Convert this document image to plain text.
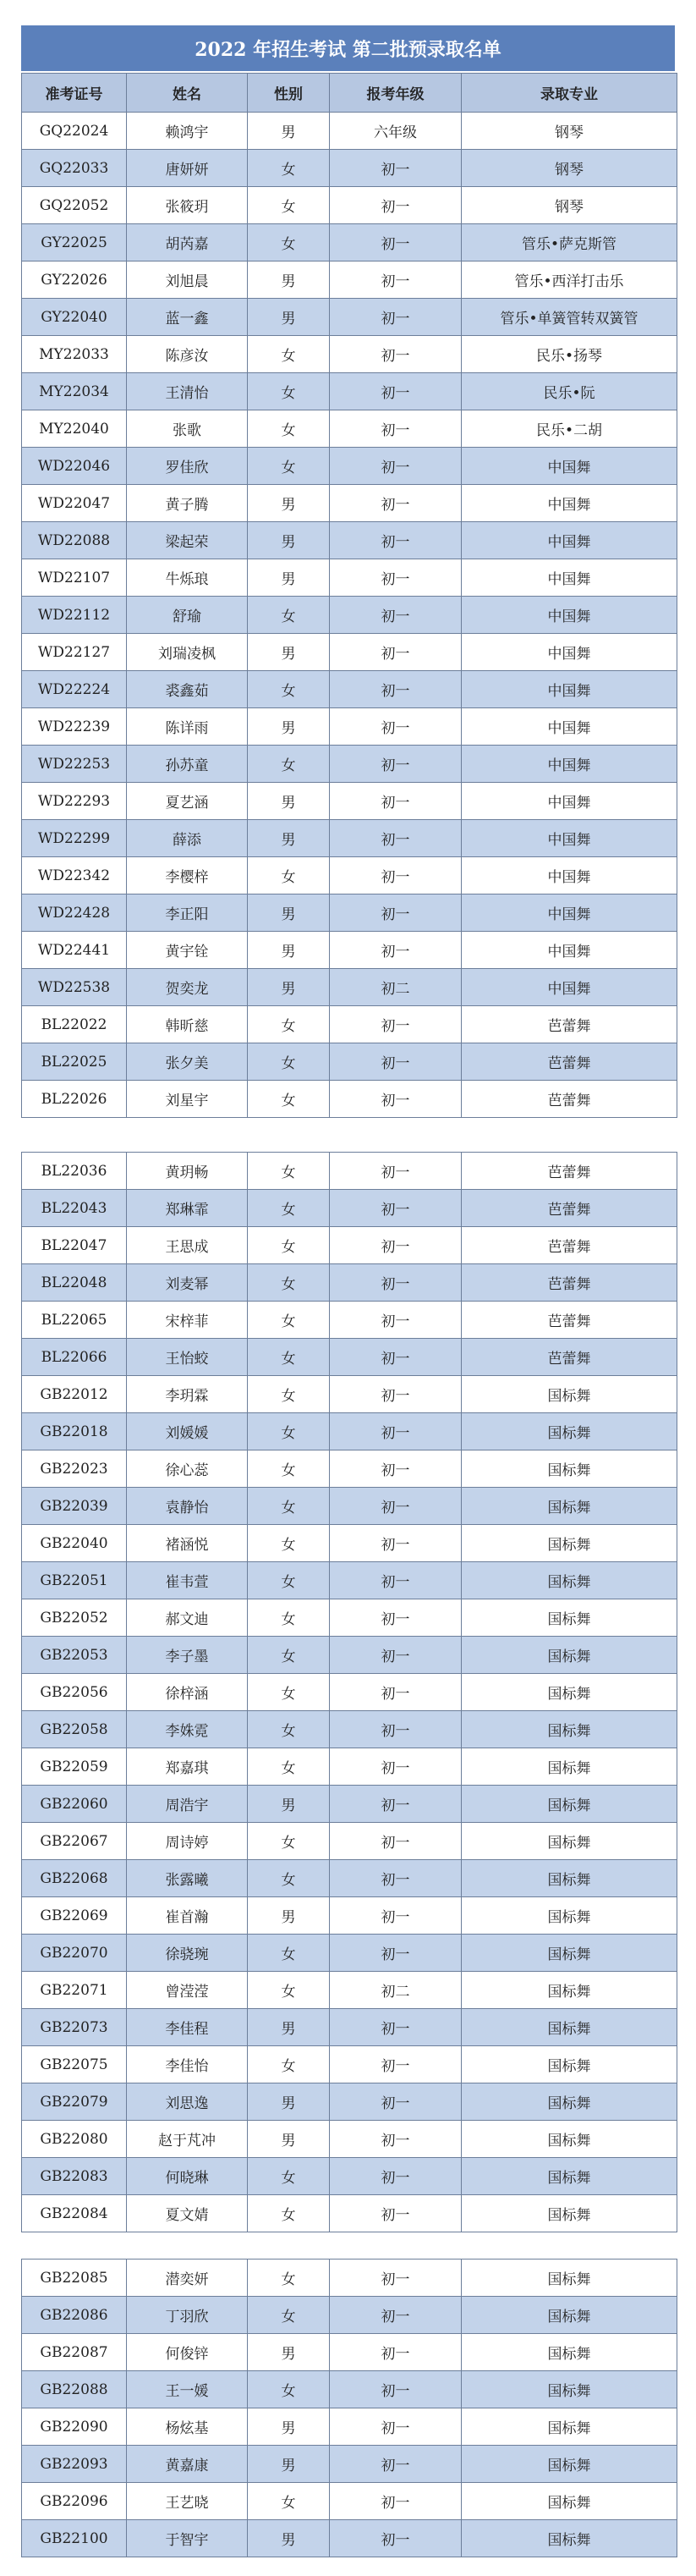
2022 年招生考试 第二批预录取名单
准考证号	姓名	性别	报考年级	录取专业
GQ22024	赖鸿宇	男	六年级	钢琴
GQ22033	唐妍妍	女	初一	钢琴
GQ22052	张筱玥	女	初一	钢琴
GY22025	胡芮嘉	女	初一	管乐•萨克斯管
GY22026	刘旭晨	男	初一	管乐•西洋打击乐
GY22040	蓝一鑫	男	初一	管乐•单簧管转双簧管
MY22033	陈彦汝	女	初一	民乐•扬琴
MY22034	王清怡	女	初一	民乐•阮
MY22040	张歌	女	初一	民乐•二胡
WD22046	罗佳欣	女	初一	中国舞
WD22047	黄子腾	男	初一	中国舞
WD22088	梁起荣	男	初一	中国舞
WD22107	牛烁琅	男	初一	中国舞
WD22112	舒瑜	女	初一	中国舞
WD22127	刘瑞凌枫	男	初一	中国舞
WD22224	裘鑫茹	女	初一	中国舞
WD22239	陈详雨	男	初一	中国舞
WD22253	孙苏童	女	初一	中国舞
WD22293	夏艺涵	男	初一	中国舞
WD22299	薛添	男	初一	中国舞
WD22342	李樱梓	女	初一	中国舞
WD22428	李正阳	男	初一	中国舞
WD22441	黄宇铨	男	初一	中国舞
WD22538	贺奕龙	男	初二	中国舞
BL22022	韩昕慈	女	初一	芭蕾舞
BL22025	张夕美	女	初一	芭蕾舞
BL22026	刘星宇	女	初一	芭蕾舞
BL22036	黄玥畅	女	初一	芭蕾舞
BL22043	郑琳霏	女	初一	芭蕾舞
BL22047	王思成	女	初一	芭蕾舞
BL22048	刘麦幂	女	初一	芭蕾舞
BL22065	宋梓菲	女	初一	芭蕾舞
BL22066	王怡蛟	女	初一	芭蕾舞
GB22012	李玥霖	女	初一	国标舞
GB22018	刘媛媛	女	初一	国标舞
GB22023	徐心蕊	女	初一	国标舞
GB22039	袁静怡	女	初一	国标舞
GB22040	褚涵悦	女	初一	国标舞
GB22051	崔韦萱	女	初一	国标舞
GB22052	郝文迪	女	初一	国标舞
GB22053	李子墨	女	初一	国标舞
GB22056	徐梓涵	女	初一	国标舞
GB22058	李姝霓	女	初一	国标舞
GB22059	郑嘉琪	女	初一	国标舞
GB22060	周浩宇	男	初一	国标舞
GB22067	周诗婷	女	初一	国标舞
GB22068	张露曦	女	初一	国标舞
GB22069	崔首瀚	男	初一	国标舞
GB22070	徐骁琬	女	初一	国标舞
GB22071	曾滢滢	女	初二	国标舞
GB22073	李佳程	男	初一	国标舞
GB22075	李佳怡	女	初一	国标舞
GB22079	刘思逸	男	初一	国标舞
GB22080	赵于芃冲	男	初一	国标舞
GB22083	何晓琳	女	初一	国标舞
GB22084	夏文婧	女	初一	国标舞
GB22085	潜奕妍	女	初一	国标舞
GB22086	丁羽欣	女	初一	国标舞
GB22087	何俊锌	男	初一	国标舞
GB22088	王一媛	女	初一	国标舞
GB22090	杨炫基	男	初一	国标舞
GB22093	黄嘉康	男	初一	国标舞
GB22096	王艺晓	女	初一	国标舞
GB22100	于智宇	男	初一	国标舞
